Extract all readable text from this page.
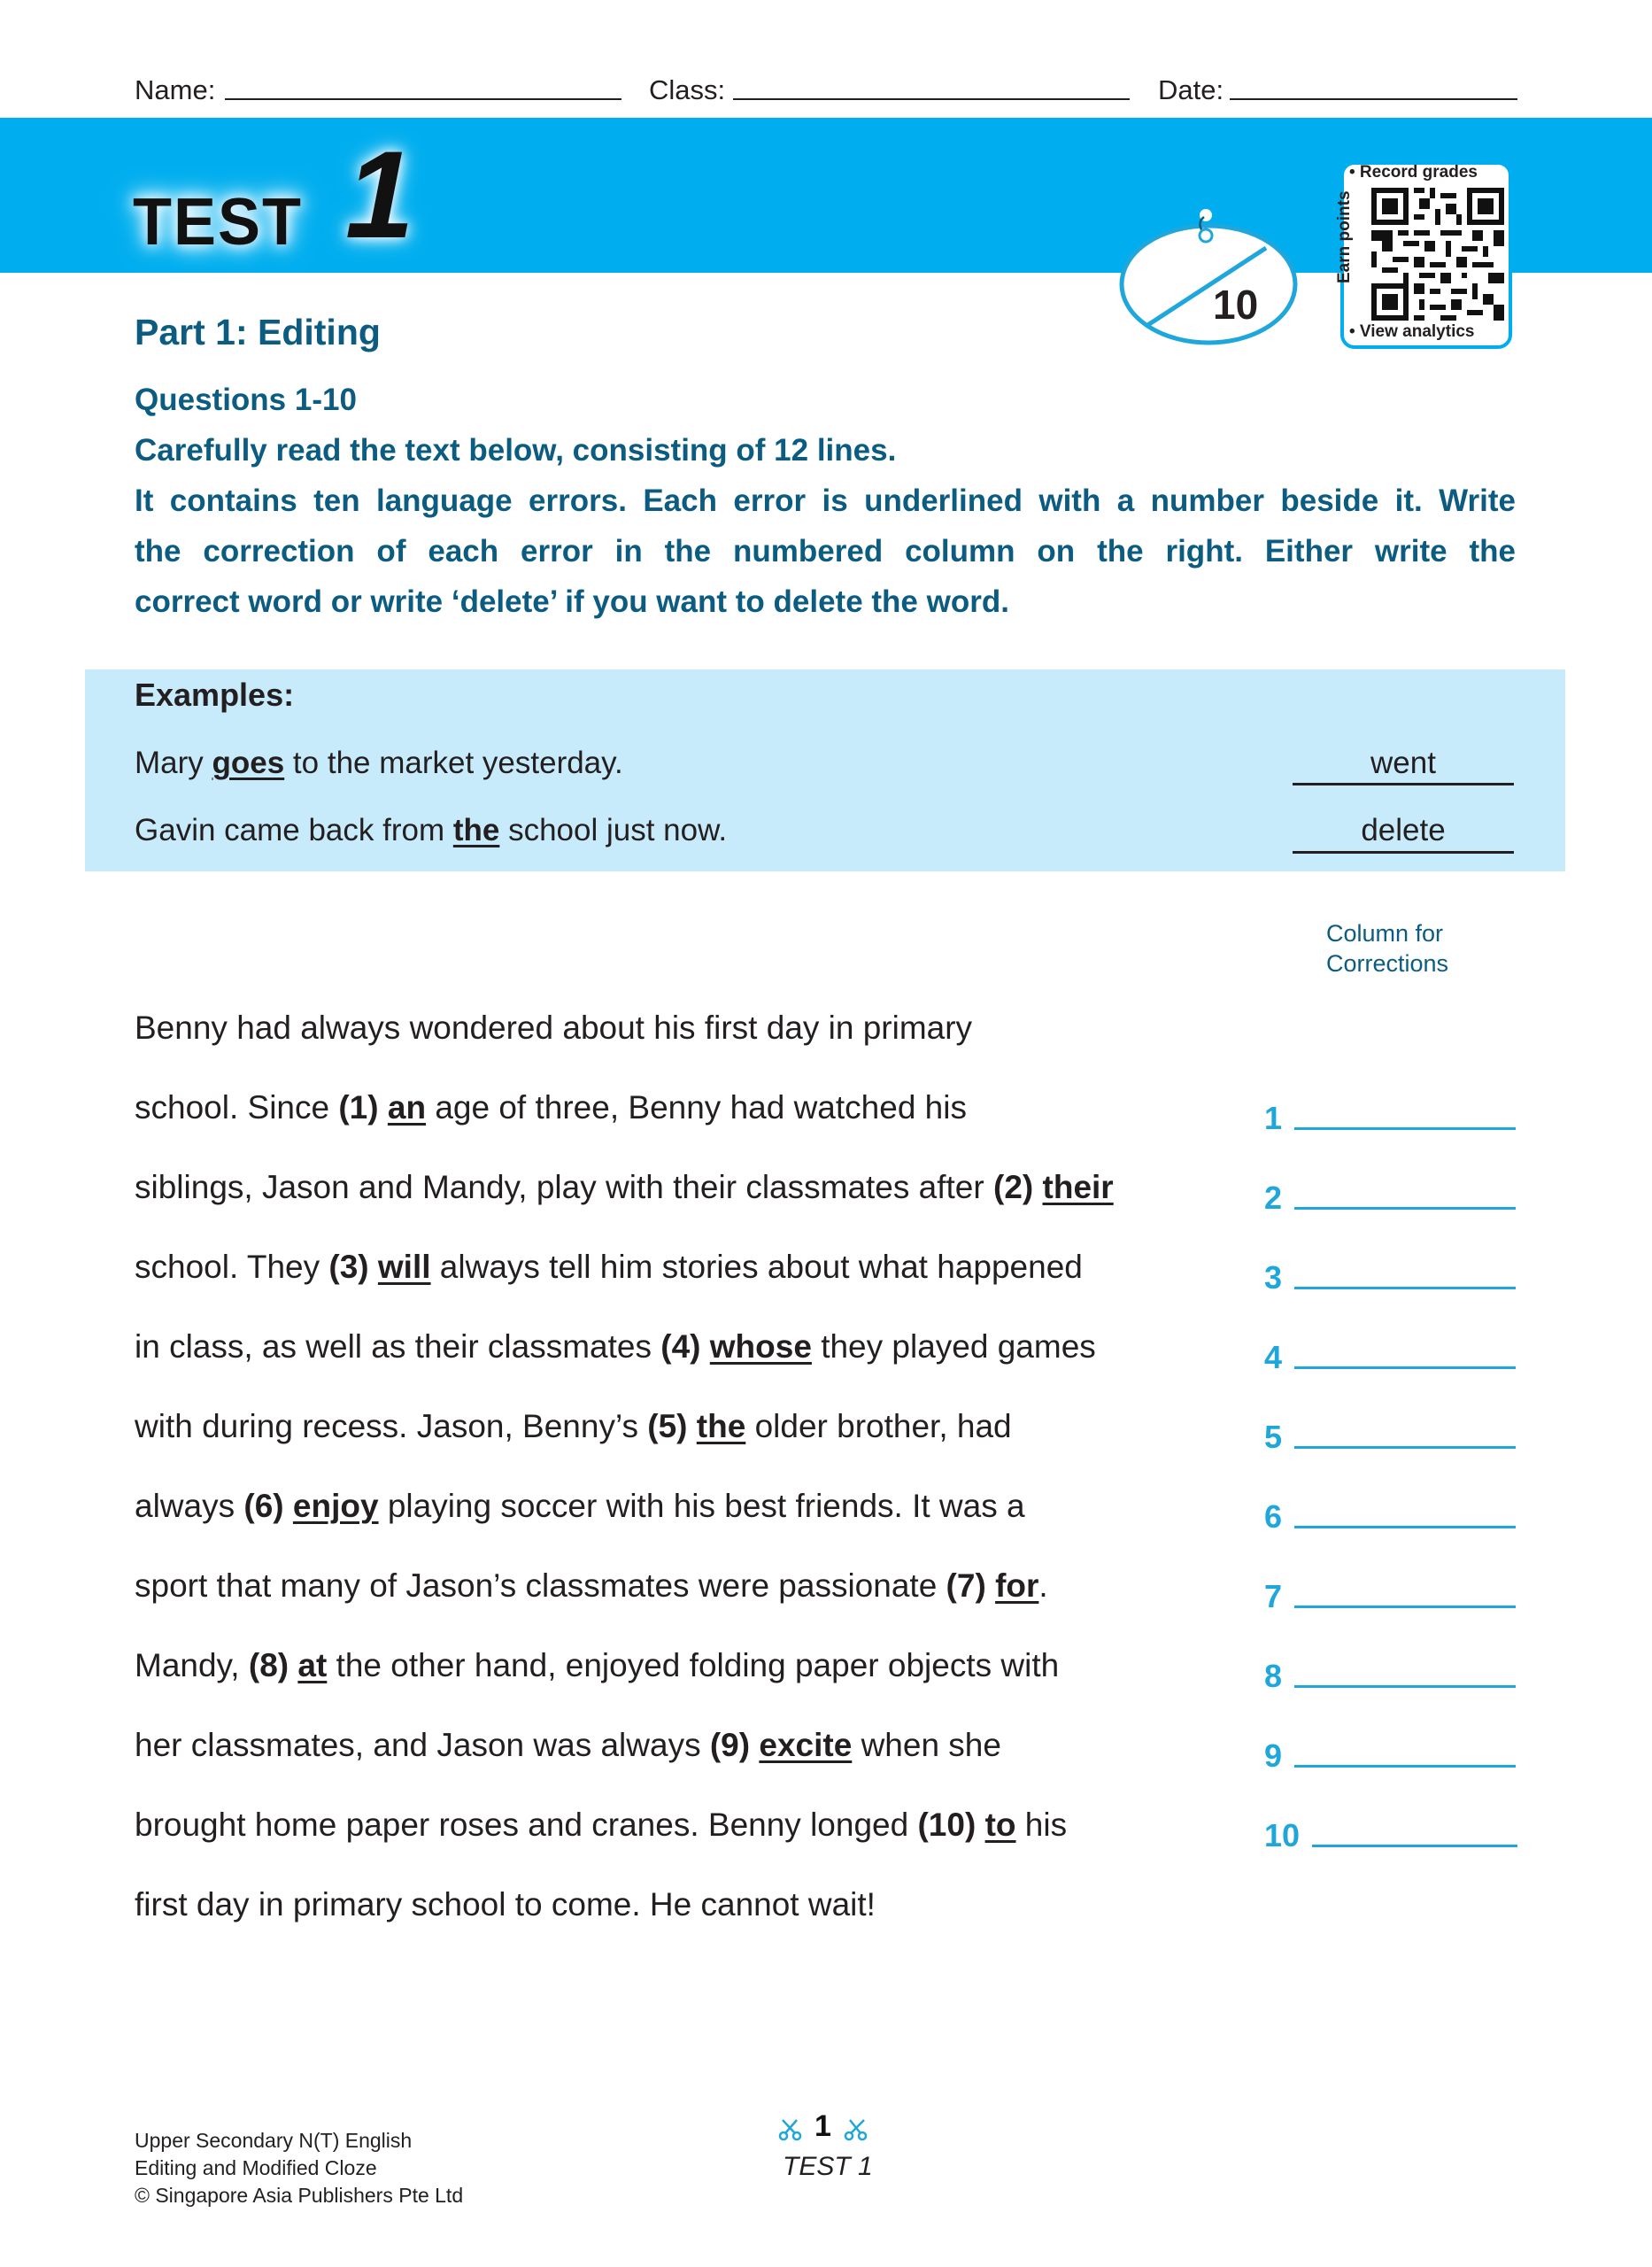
Name:	Class:	Date:
TEST 1
10
• Record grades
Earn points
• View analytics
Part 1: Editing
Questions 1-10
Carefully read the text below, consisting of 12 lines.
It contains ten language errors. Each error is underlined with a number beside it. Write
the correction of each error in the numbered column on the right. Either write the
correct word or write ‘delete’ if you want to delete the word.
Examples:
Mary goes to the market yesterday.	went
Gavin came back from the school just now.	delete
Column for
Corrections
Benny had always wondered about his first day in primary
school. Since (1) an age of three, Benny had watched his
siblings, Jason and Mandy, play with their classmates after (2) their
school. They (3) will always tell him stories about what happened
in class, as well as their classmates (4) whose they played games
with during recess. Jason, Benny’s (5) the older brother, had
always (6) enjoy playing soccer with his best friends. It was a
sport that many of Jason’s classmates were passionate (7) for.
Mandy, (8) at the other hand, enjoyed folding paper objects with
her classmates, and Jason was always (9) excite when she
brought home paper roses and cranes. Benny longed (10) to his
first day in primary school to come. He cannot wait!
1
2
3
4
5
6
7
8
9
10
Upper Secondary N(T) English
Editing and Modified Cloze
© Singapore Asia Publishers Pte Ltd
1
TEST 1
